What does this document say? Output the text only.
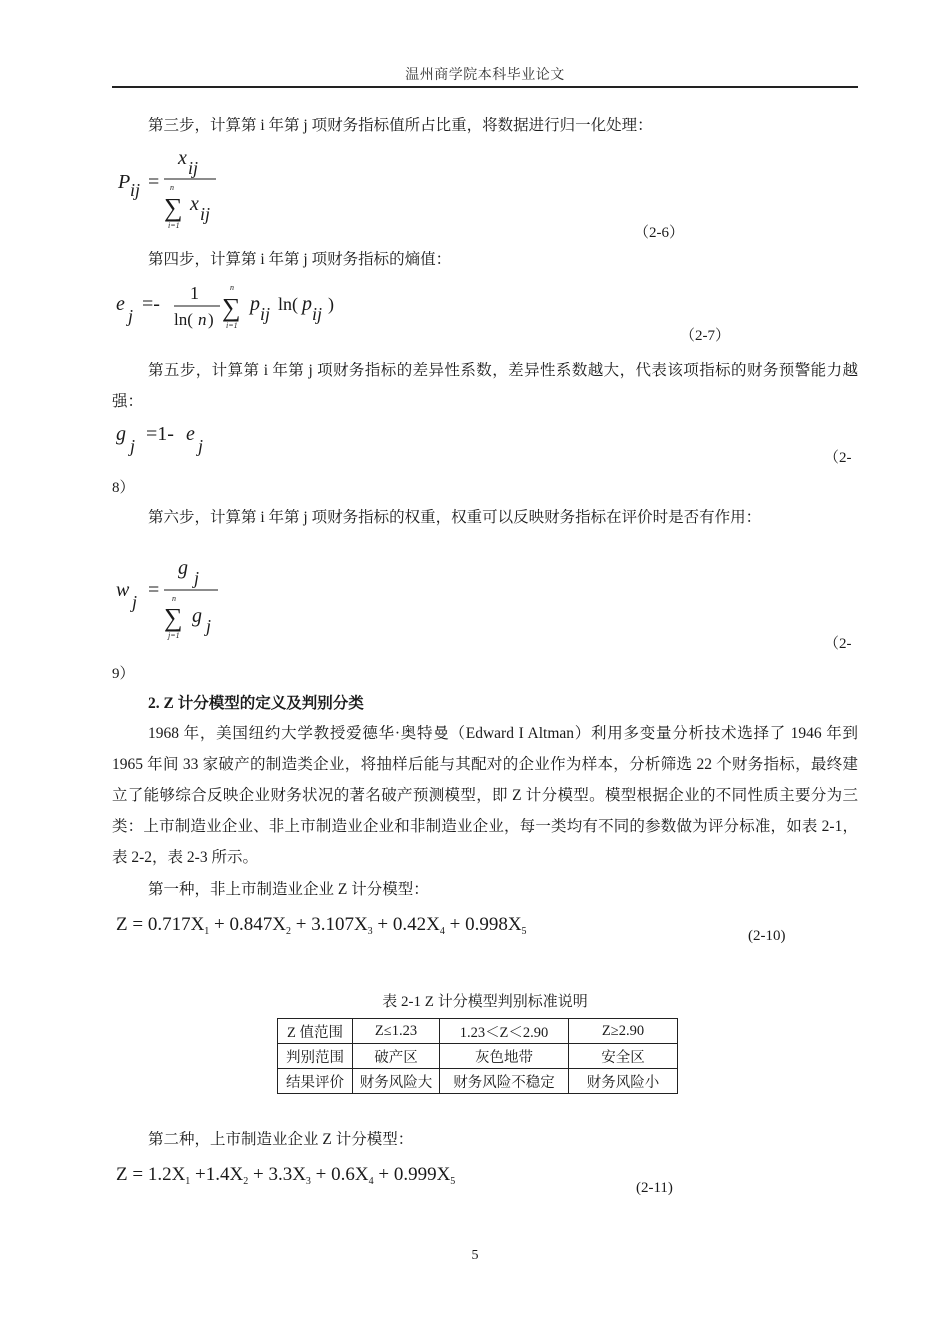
温州商学院本科毕业论文
第三步，计算第 i 年第 j 项财务指标值所占比重，将数据进行归一化处理：
P ij =
x ij
n
∑
i=1
x ij
（2-6）
第四步，计算第 i 年第 j 项财务指标的熵值：
e
j
=- 1
ln( n )
n
∑
i=1
p ij ln( p ij )
（2-7）
第五步，计算第 i 年第 j 项财务指标的差异性系数，差异性系数越大，代表该项指标的财务预警能力越强：
g
j
=1- e
j
（2-
8）
第六步，计算第 i 年第 j 项财务指标的权重，权重可以反映财务指标在评价时是否有作用：
w
j
=
g j
n
∑
j=1
g j
（2-
9）
2. Z 计分模型的定义及判别分类
1968 年，美国纽约大学教授爱德华·奥特曼（Edward I Altman）利用多变量分析技术选择了 1946 年到 1965 年间 33 家破产的制造类企业，将抽样后能与其配对的企业作为样本，分析筛选 22 个财务指标，最终建立了能够综合反映企业财务状况的著名破产预测模型，即 Z 计分模型。模型根据企业的不同性质主要分为三类：上市制造业企业、非上市制造业企业和非制造业企业，每一类均有不同的参数做为评分标准，如表 2-1，表 2-2，表 2-3 所示。
第一种，非上市制造业企业 Z 计分模型：
$Z = 0.717X_1 + 0.847X_2 + 3.107X_3 + 0.42X_4 + 0.998X_5$	(2-10)
表 2-1 Z 计分模型判别标准说明
Z 值范围	Z≤1.23	1.23＜Z＜2.90	Z≥2.90
判别范围	破产区	灰色地带	安全区
结果评价	财务风险大	财务风险不稳定	财务风险小
第二种，上市制造业企业 Z 计分模型：
$Z = 1.2X_1 +1.4X_2 + 3.3X_3 + 0.6X_4 + 0.999X_5$	(2-11)
5
